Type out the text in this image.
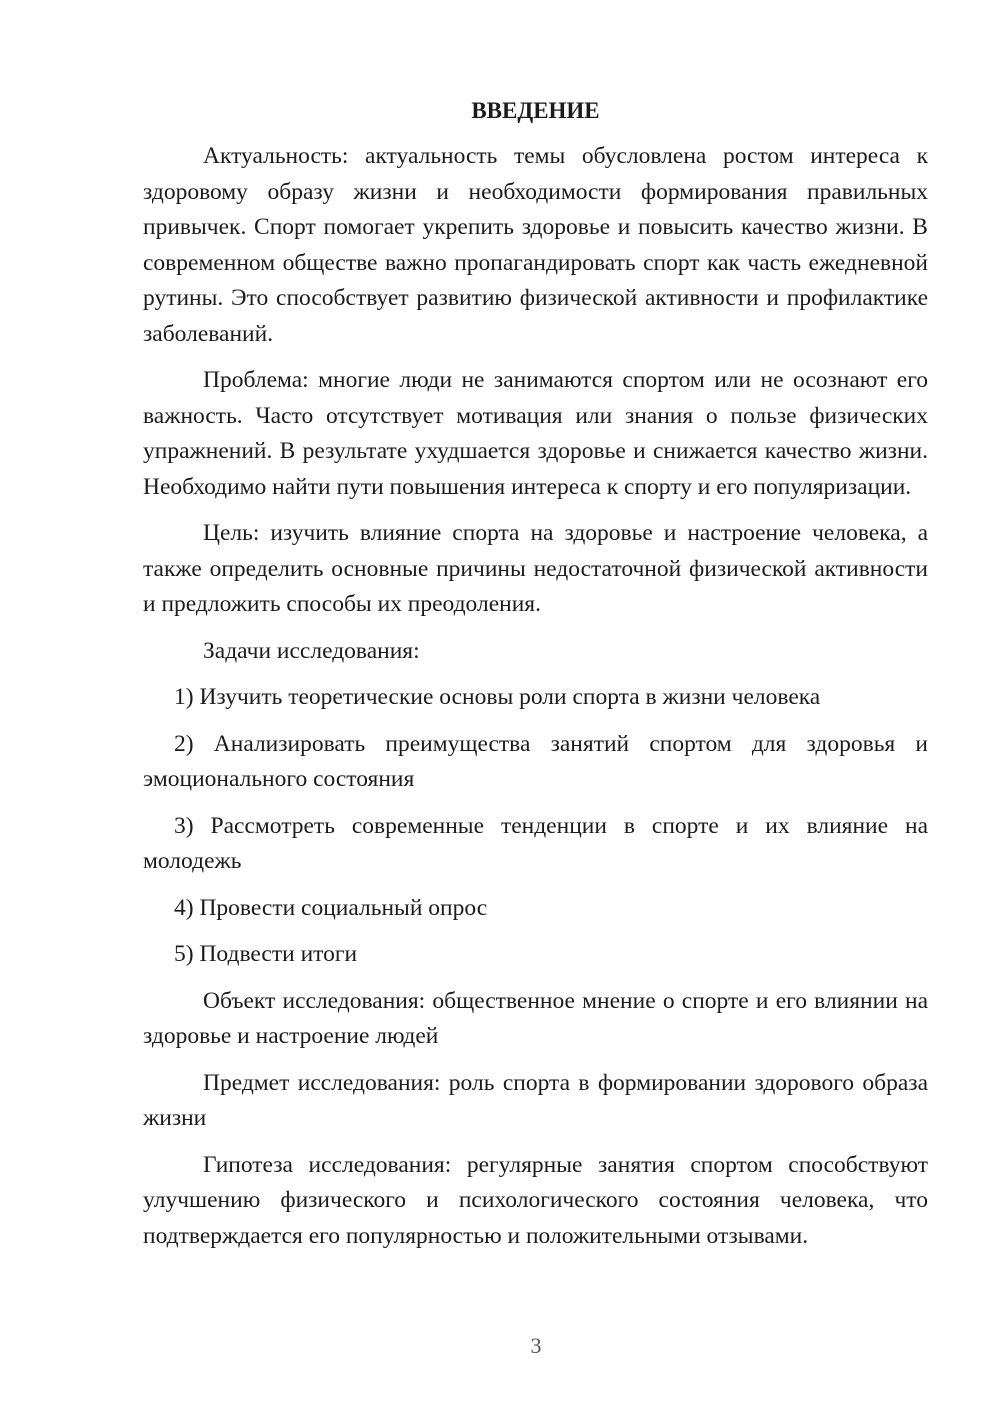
ВВЕДЕНИЕ

Актуальность: актуальность темы обусловлена ростом интереса к здоровому образу жизни и необходимости формирования правильных привычек. Спорт помогает укрепить здоровье и повысить качество жизни. В современном обществе важно пропагандировать спорт как часть ежедневной рутины. Это способствует развитию физической активности и профилактике заболеваний.

Проблема: многие люди не занимаются спортом или не осознают его важность. Часто отсутствует мотивация или знания о пользе физических упражнений. В результате ухудшается здоровье и снижается качество жизни. Необходимо найти пути повышения интереса к спорту и его популяризации.

Цель: изучить влияние спорта на здоровье и настроение человека, а также определить основные причины недостаточной физической активности и предложить способы их преодоления.

Задачи исследования:

1) Изучить теоретические основы роли спорта в жизни человека

2) Анализировать преимущества занятий спортом для здоровья и эмоционального состояния

3) Рассмотреть современные тенденции в спорте и их влияние на молодежь

4) Провести социальный опрос

5) Подвести итоги

Объект исследования: общественное мнение о спорте и его влиянии на здоровье и настроение людей

Предмет исследования: роль спорта в формировании здорового образа жизни

Гипотеза исследования: регулярные занятия спортом способствуют улучшению физического и психологического состояния человека, что подтверждается его популярностью и положительными отзывами.

3
